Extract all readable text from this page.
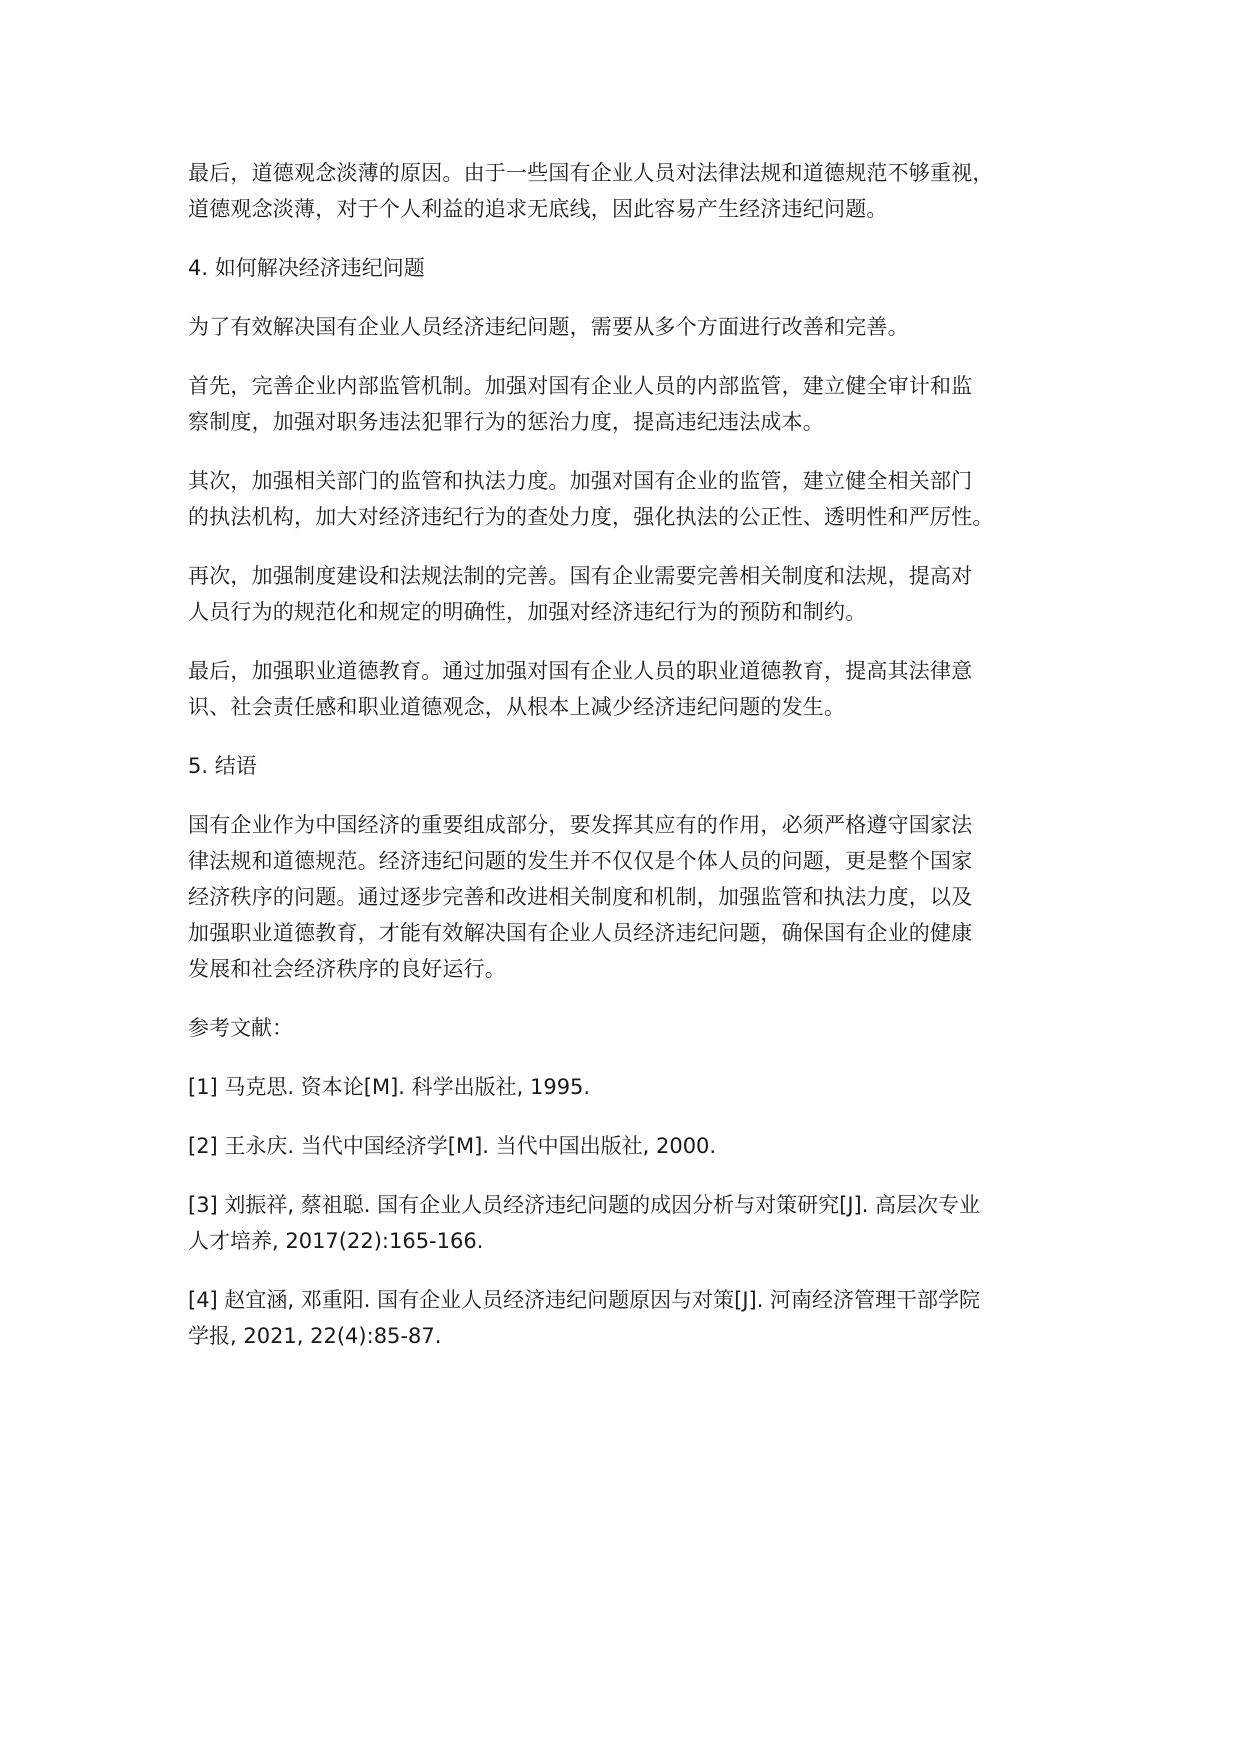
最后，道德观念淡薄的原因。由于一些国有企业人员对法律法规和道德规范不够重视，
道德观念淡薄，对于个人利益的追求无底线，因此容易产生经济违纪问题。
4. 如何解决经济违纪问题
为了有效解决国有企业人员经济违纪问题，需要从多个方面进行改善和完善。
首先，完善企业内部监管机制。加强对国有企业人员的内部监管，建立健全审计和监
察制度，加强对职务违法犯罪行为的惩治力度，提高违纪违法成本。
其次，加强相关部门的监管和执法力度。加强对国有企业的监管，建立健全相关部门
的执法机构，加大对经济违纪行为的查处力度，强化执法的公正性、透明性和严厉性。
再次，加强制度建设和法规法制的完善。国有企业需要完善相关制度和法规，提高对
人员行为的规范化和规定的明确性，加强对经济违纪行为的预防和制约。
最后，加强职业道德教育。通过加强对国有企业人员的职业道德教育，提高其法律意
识、社会责任感和职业道德观念，从根本上减少经济违纪问题的发生。
5. 结语
国有企业作为中国经济的重要组成部分，要发挥其应有的作用，必须严格遵守国家法
律法规和道德规范。经济违纪问题的发生并不仅仅是个体人员的问题，更是整个国家
经济秩序的问题。通过逐步完善和改进相关制度和机制，加强监管和执法力度，以及
加强职业道德教育，才能有效解决国有企业人员经济违纪问题，确保国有企业的健康
发展和社会经济秩序的良好运行。
参考文献：
[1] 马克思. 资本论[M]. 科学出版社, 1995.
[2] 王永庆. 当代中国经济学[M]. 当代中国出版社, 2000.
[3] 刘振祥, 蔡祖聪. 国有企业人员经济违纪问题的成因分析与对策研究[J]. 高层次专业
人才培养, 2017(22):165-166.
[4] 赵宜涵, 邓重阳. 国有企业人员经济违纪问题原因与对策[J]. 河南经济管理干部学院
学报, 2021, 22(4):85-87.
